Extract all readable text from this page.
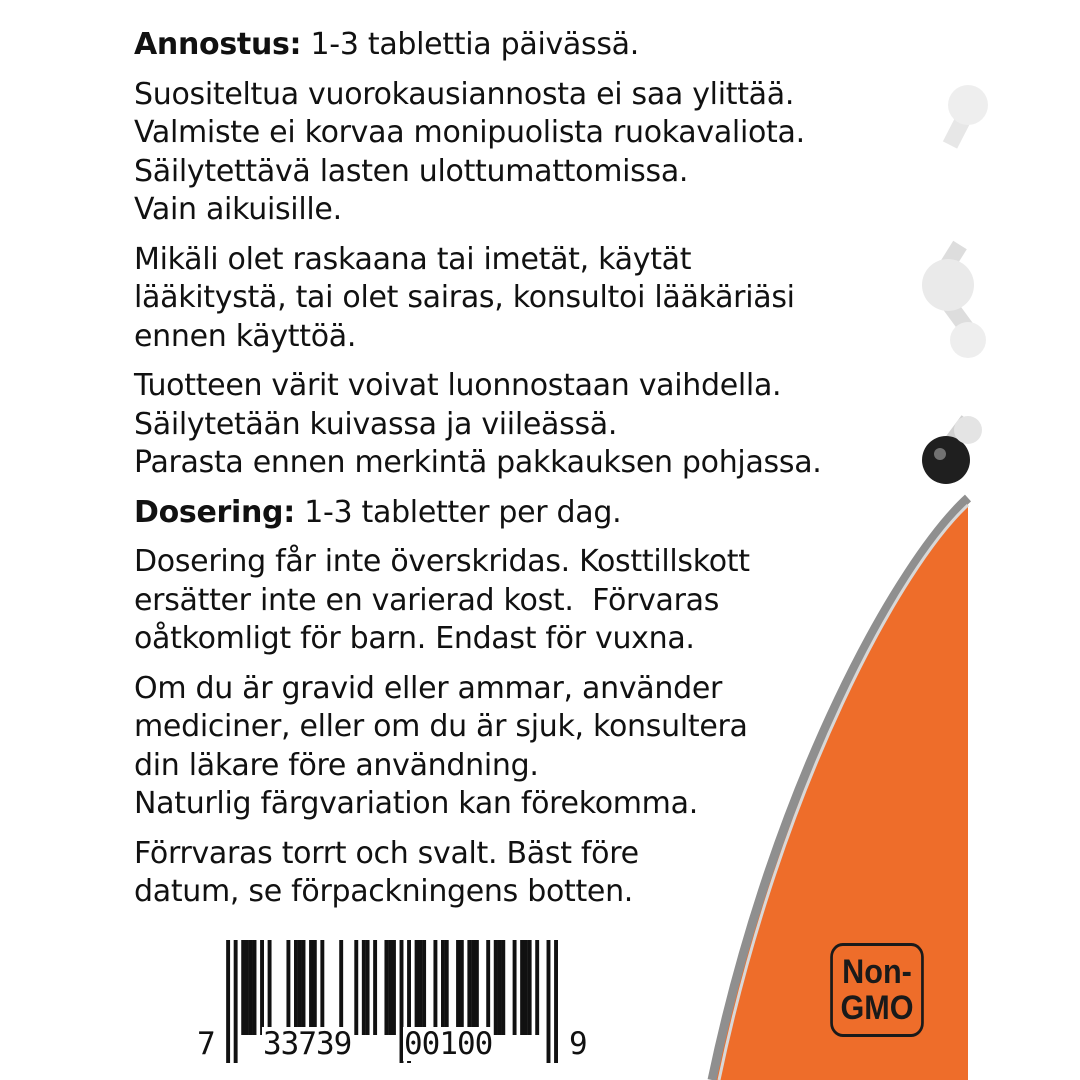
Annostus: 1-3 tablettia päivässä.

Suositeltua vuorokausiannosta ei saa ylittää.
Valmiste ei korvaa monipuolista ruokavaliota.
Säilytettävä lasten ulottumattomissa.
Vain aikuisille.

Mikäli olet raskaana tai imetät, käytät
lääkitystä, tai olet sairas, konsultoi lääkäriäsi
ennen käyttöä.

Tuotteen värit voivat luonnostaan vaihdella.
Säilytetään kuivassa ja viileässä.
Parasta ennen merkintä pakkauksen pohjassa.

Dosering: 1-3 tabletter per dag.

Dosering får inte överskridas. Kosttillskott
ersätter inte en varierad kost.  Förvaras
oåtkomligt för barn. Endast för vuxna.

Om du är gravid eller ammar, använder
mediciner, eller om du är sjuk, konsultera
din läkare före användning.
Naturlig färgvariation kan förekomma.

Förrvaras torrt och svalt. Bäst före
datum, se förpackningens botten.

7 33739 00100 9
Non-
GMO
